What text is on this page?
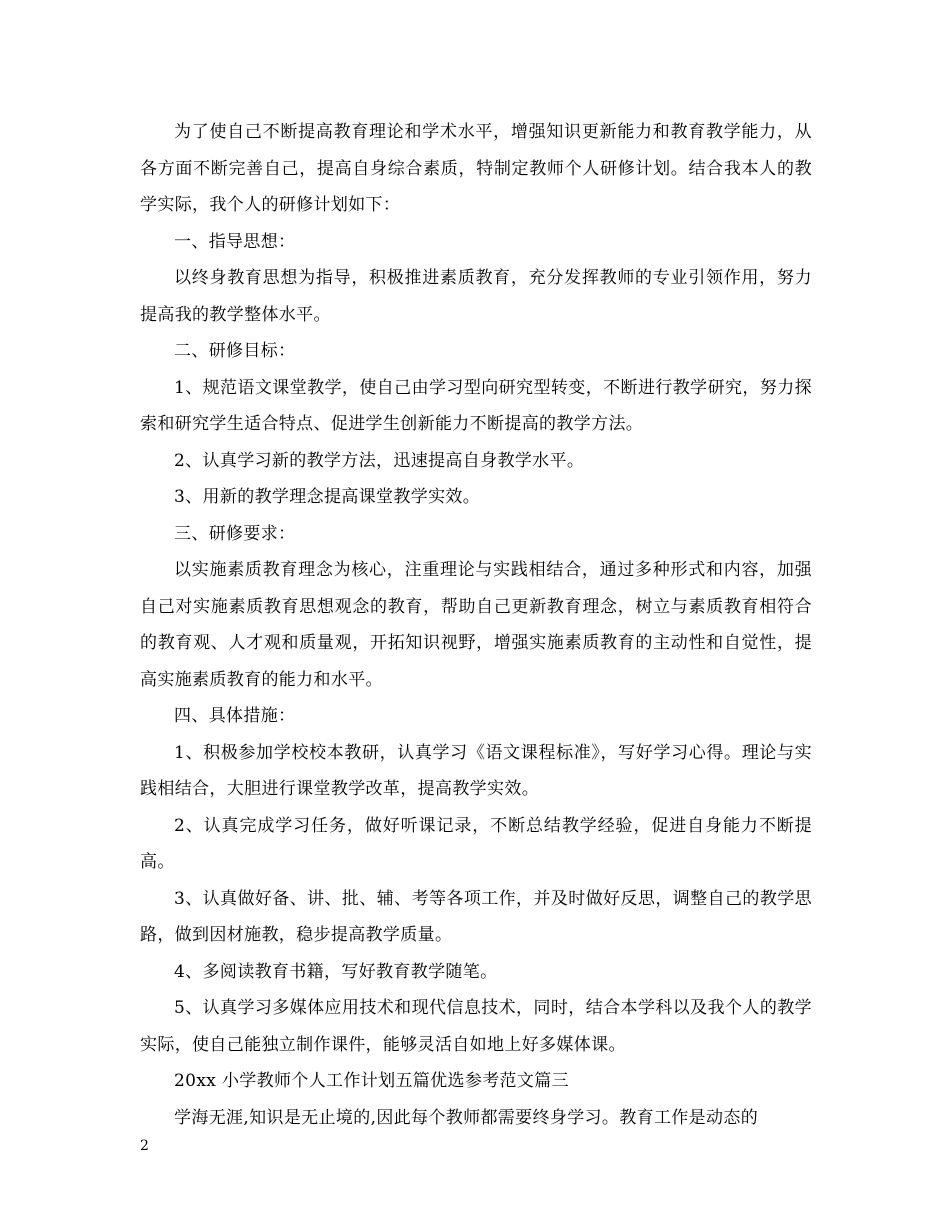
为了使自己不断提高教育理论和学术水平，增强知识更新能力和教育教学能力，从各方面不断完善自己，提高自身综合素质，特制定教师个人研修计划。结合我本人的教学实际，我个人的研修计划如下：

一、指导思想：

以终身教育思想为指导，积极推进素质教育，充分发挥教师的专业引领作用，努力提高我的教学整体水平。

二、研修目标：

1、规范语文课堂教学，使自己由学习型向研究型转变，不断进行教学研究，努力探索和研究学生适合特点、促进学生创新能力不断提高的教学方法。

2、认真学习新的教学方法，迅速提高自身教学水平。

3、用新的教学理念提高课堂教学实效。

三、研修要求：

以实施素质教育理念为核心，注重理论与实践相结合，通过多种形式和内容，加强自己对实施素质教育思想观念的教育，帮助自己更新教育理念，树立与素质教育相符合的教育观、人才观和质量观，开拓知识视野，增强实施素质教育的主动性和自觉性，提高实施素质教育的能力和水平。

四、具体措施：

1、积极参加学校校本教研，认真学习《语文课程标准》，写好学习心得。理论与实践相结合，大胆进行课堂教学改革，提高教学实效。

2、认真完成学习任务，做好听课记录，不断总结教学经验，促进自身能力不断提高。

3、认真做好备、讲、批、辅、考等各项工作，并及时做好反思，调整自己的教学思路，做到因材施教，稳步提高教学质量。

4、多阅读教育书籍，写好教育教学随笔。

5、认真学习多媒体应用技术和现代信息技术，同时，结合本学科以及我个人的教学实际，使自己能独立制作课件，能够灵活自如地上好多媒体课。

20xx 小学教师个人工作计划五篇优选参考范文篇三

学海无涯,知识是无止境的,因此每个教师都需要终身学习。教育工作是动态的

2
